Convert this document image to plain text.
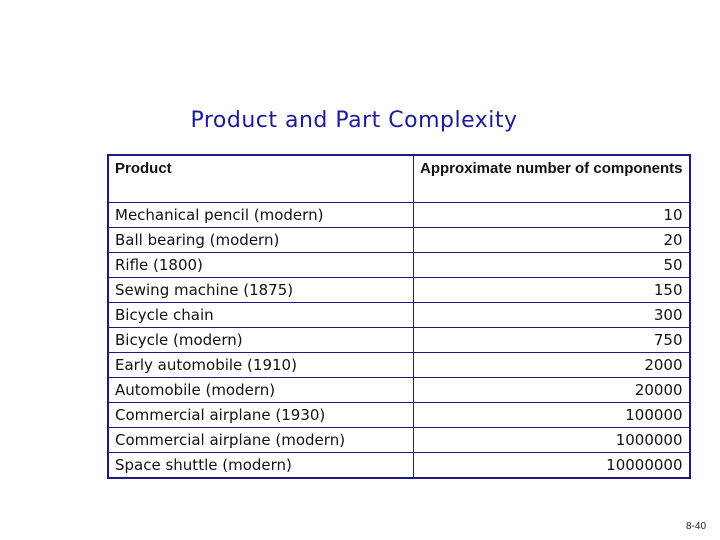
Product and Part Complexity
Product	Approximate number of components
Mechanical pencil (modern)	10
Ball bearing (modern)	20
Rifle (1800)	50
Sewing machine (1875)	150
Bicycle chain	300
Bicycle (modern)	750
Early automobile (1910)	2000
Automobile (modern)	20000
Commercial airplane (1930)	100000
Commercial airplane (modern)	1000000
Space shuttle (modern)	10000000
8-40
